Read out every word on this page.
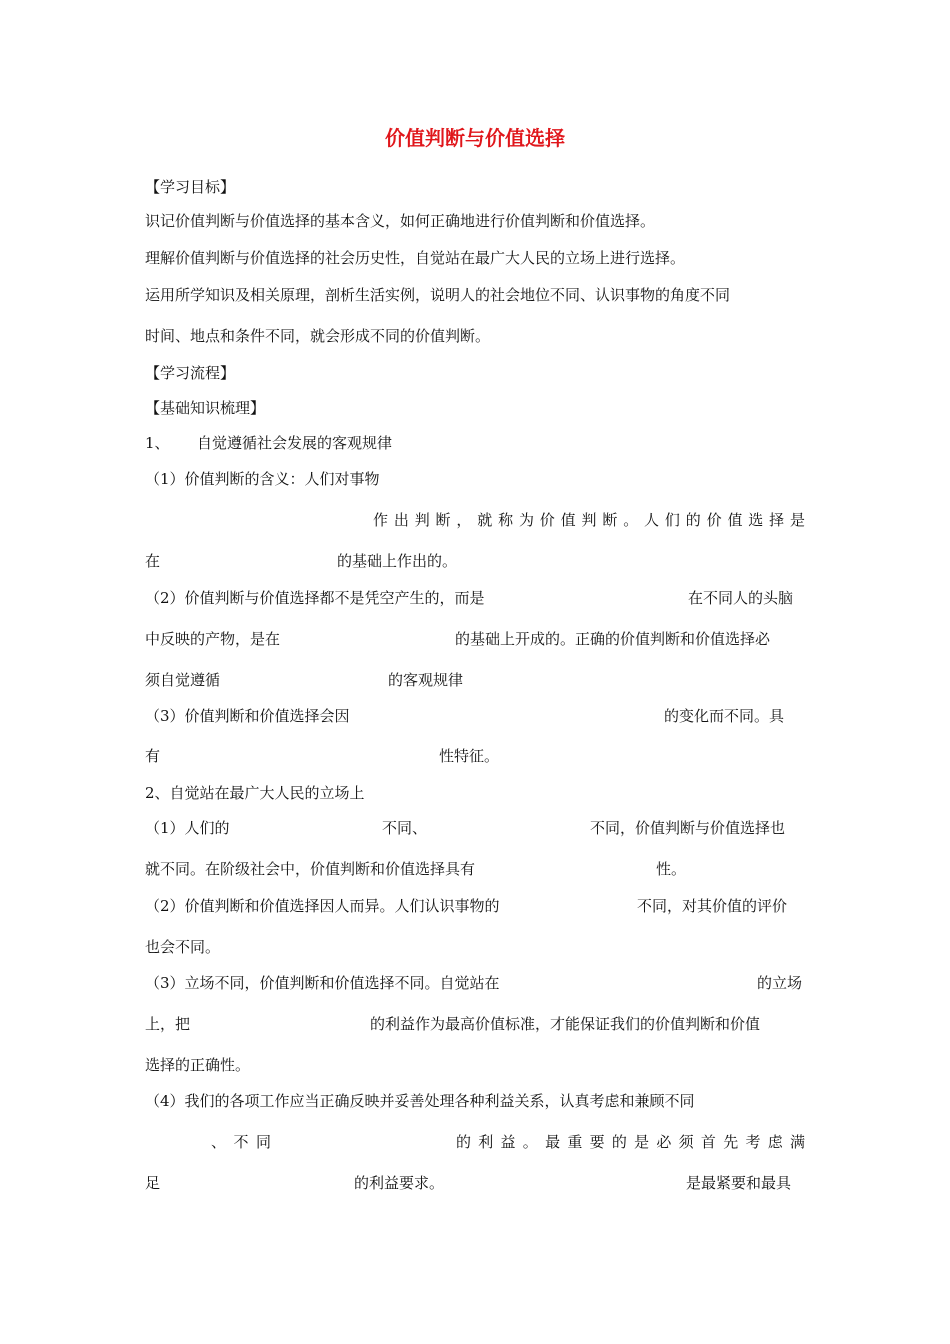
价值判断与价值选择
【学习目标】
识记价值判断与价值选择的基本含义，如何正确地进行价值判断和价值选择。
理解价值判断与价值选择的社会历史性，自觉站在最广大人民的立场上进行选择。
运用所学知识及相关原理，剖析生活实例，说明人的社会地位不同、认识事物的角度不同
时间、地点和条件不同，就会形成不同的价值判断。
【学习流程】
【基础知识梳理】
1、 自觉遵循社会发展的客观规律
（1）价值判断的含义：人们对事物
作出判断，就称为价值判断。人们的价值选择是
在	的基础上作出的。
（2）价值判断与价值选择都不是凭空产生的，而是	在不同人的头脑
中反映的产物，是在	的基础上开成的。正确的价值判断和价值选择必
须自觉遵循	的客观规律
（3）价值判断和价值选择会因	的变化而不同。具
有	性特征。
2、自觉站在最广大人民的立场上
（1）人们的	不同、	不同，价值判断与价值选择也
就不同。在阶级社会中，价值判断和价值选择具有	性。
（2）价值判断和价值选择因人而异。人们认识事物的	不同，对其价值的评价
也会不同。
（3）立场不同，价值判断和价值选择不同。自觉站在	的立场
上，把	的利益作为最高价值标准，才能保证我们的价值判断和价值
选择的正确性。
（4）我们的各项工作应当正确反映并妥善处理各种利益关系，认真考虑和兼顾不同
、不同	的利益。最重要的是必须首先考虑满
足	的利益要求。	是最紧要和最具
